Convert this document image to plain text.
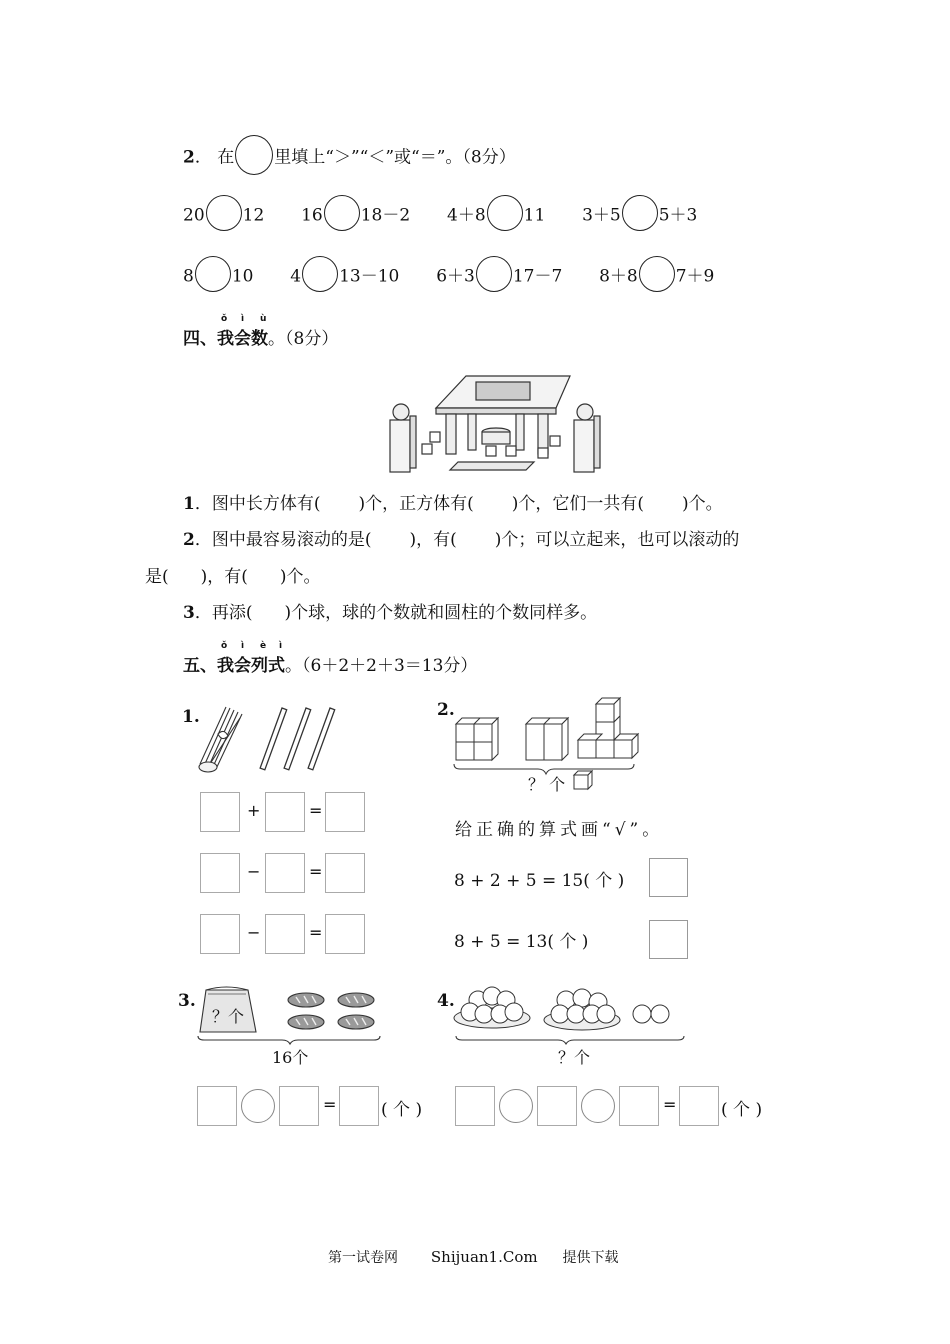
2． 在 里填上“＞”“＜”或“＝”。（8分）
20 12 16 18－2 4＋8 11 3＋5 5＋3
8 10 4 13－10 6＋3 17－7 8＋8 7＋9
四、
ǒ ì ù
我会数。（8分）
1．图中长方体有( )个，正方体有( )个，它们一共有( )个。
2．图中最容易滚动的是( )，有( )个；可以立起来，也可以滚动的
是( )，有( )个。
3．再添( )个球，球的个数就和圆柱的个数同样多。
五、
ǒ ì è ì
我会列式。（6＋2＋2＋3＝13分）
1.
+	=
−	=
−	=
2.
？ 个
给正确的算式画“√”。
8 + 2 + 5 = 15( 个 )
8 + 5 = 13( 个 )
3.
？个
16个
=	( 个 )
4.
？个
=	( 个 )
第一试卷网 Shijuan1.Com 提供下载
